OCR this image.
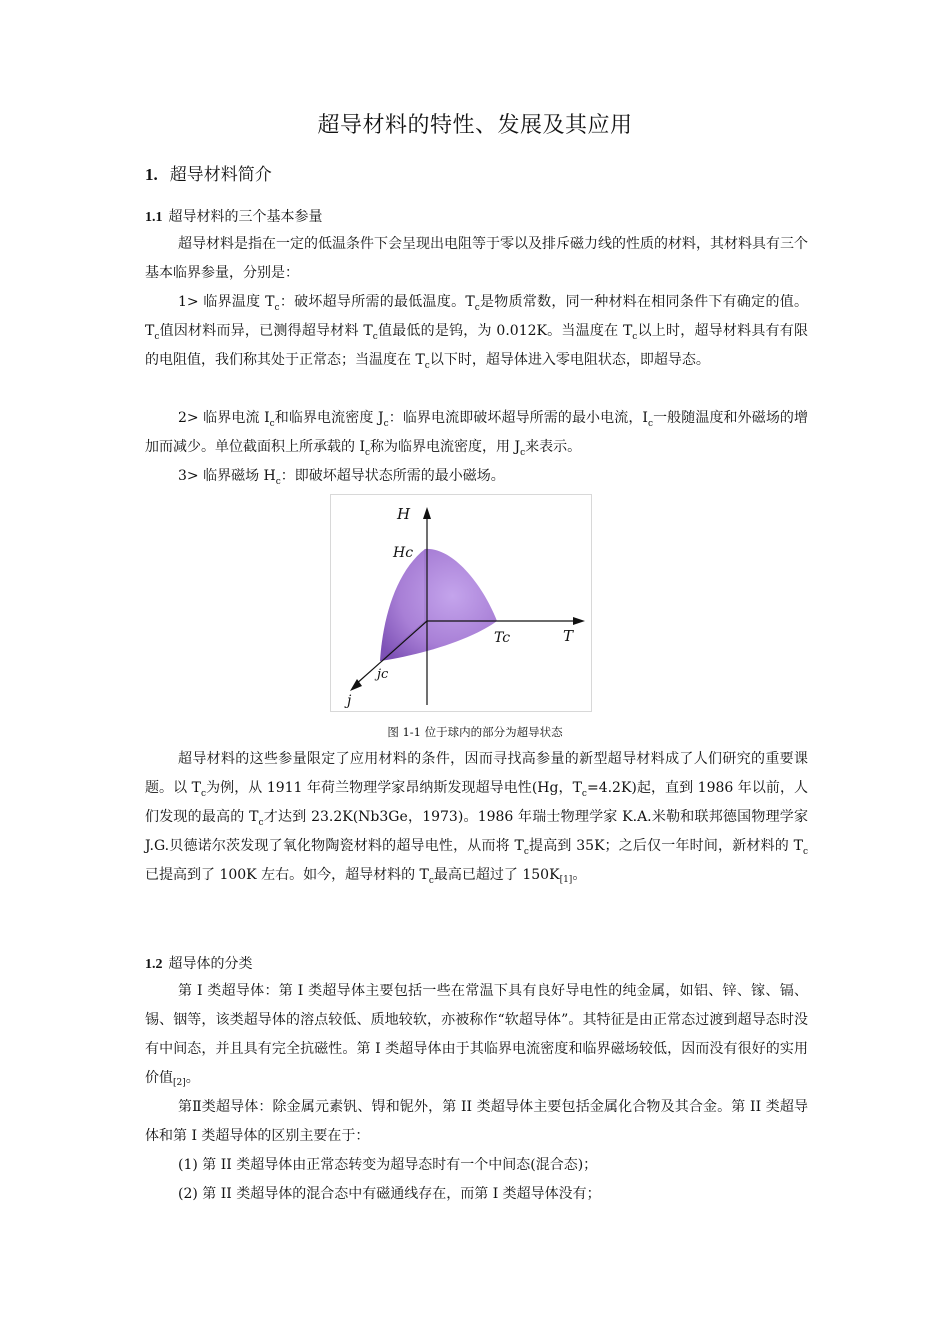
超导材料的特性、发展及其应用
1. 超导材料简介
1.1 超导材料的三个基本参量
超导材料是指在一定的低温条件下会呈现出电阻等于零以及排斥磁力线的性质的材料，其材料具有三个基本临界参量，分别是：
1> 临界温度 $T_c$：破坏超导所需的最低温度。$T_c$是物质常数，同一种材料在相同条件下有确定的值。$T_c$值因材料而异，已测得超导材料 $T_c$值最低的是钨，为 0.012K。当温度在 $T_c$以上时，超导材料具有有限的电阻值，我们称其处于正常态；当温度在 $T_c$以下时，超导体进入零电阻状态，即超导态。
2> 临界电流 $I_c$和临界电流密度 $J_c$：临界电流即破坏超导所需的最小电流，$I_c$一般随温度和外磁场的增加而减少。单位截面积上所承载的 $I_c$称为临界电流密度，用 $J_c$来表示。
3> 临界磁场 $H_c$：即破坏超导状态所需的最小磁场。
H
Hc
T
Tc
jc
j
图 1-1 位于球内的部分为超导状态
超导材料的这些参量限定了应用材料的条件，因而寻找高参量的新型超导材料成了人们研究的重要课题。以 $T_c$为例，从 1911 年荷兰物理学家昂纳斯发现超导电性(Hg，$T_c=4.2K$)起，直到 1986 年以前，人们发现的最高的 $T_c$才达到 23.2K(Nb3Ge，1973)。1986 年瑞士物理学家 K.A.米勒和联邦德国物理学家 J.G.贝德诺尔茨发现了氧化物陶瓷材料的超导电性，从而将 $T_c$提高到 35K；之后仅一年时间，新材料的 $T_c$已提高到了 100K 左右。如今，超导材料的 $T_c$最高已超过了 150K[1]。
1.2 超导体的分类
第 I 类超导体：第 I 类超导体主要包括一些在常温下具有良好导电性的纯金属，如铝、锌、镓、镉、锡、铟等，该类超导体的溶点较低、质地较软，亦被称作“软超导体”。其特征是由正常态过渡到超导态时没有中间态，并且具有完全抗磁性。第 I 类超导体由于其临界电流密度和临界磁场较低，因而没有很好的实用价值[2]。
第Ⅱ类超导体：除金属元素钒、锝和铌外，第 II 类超导体主要包括金属化合物及其合金。第 II 类超导体和第 I 类超导体的区别主要在于：
(1) 第 II 类超导体由正常态转变为超导态时有一个中间态(混合态)；
(2) 第 II 类超导体的混合态中有磁通线存在，而第 I 类超导体没有；
